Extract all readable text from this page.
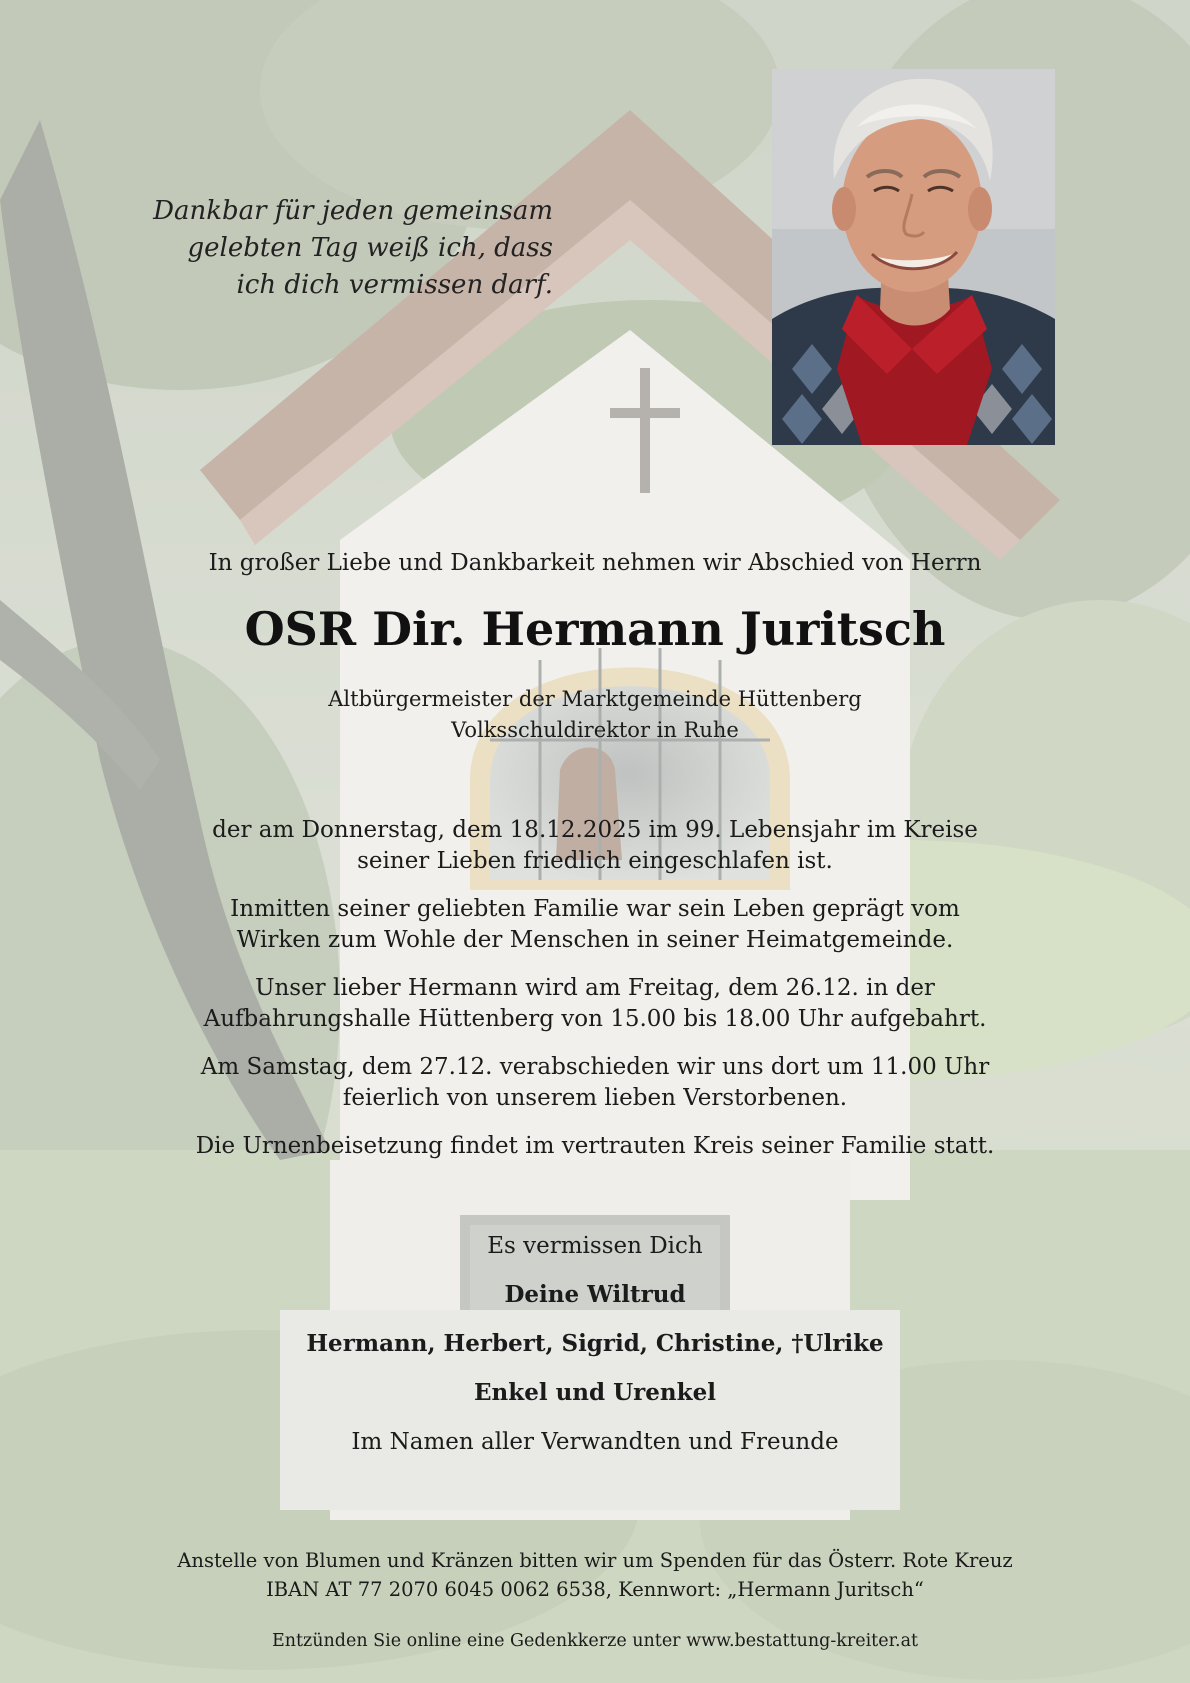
Dankbar für jeden gemeinsam
gelebten Tag weiß ich, dass
ich dich vermissen darf.
In großer Liebe und Dankbarkeit nehmen wir Abschied von Herrn
OSR Dir. Hermann Juritsch
Altbürgermeister der Marktgemeinde Hüttenberg
Volksschuldirektor in Ruhe

der am Donnerstag, dem 18.12.2025 im 99. Lebensjahr im Kreise
seiner Lieben friedlich eingeschlafen ist.

Inmitten seiner geliebten Familie war sein Leben geprägt vom
Wirken zum Wohle der Menschen in seiner Heimatgemeinde.

Unser lieber Hermann wird am Freitag, dem 26.12. in der
Aufbahrungshalle Hüttenberg von 15.00 bis 18.00 Uhr aufgebahrt.

Am Samstag, dem 27.12. verabschieden wir uns dort um 11.00 Uhr
feierlich von unserem lieben Verstorbenen.

Die Urnenbeisetzung findet im vertrauten Kreis seiner Familie statt.

Es vermissen Dich
Deine Wiltrud
Hermann, Herbert, Sigrid, Christine, †Ulrike
Enkel und Urenkel
Im Namen aller Verwandten und Freunde
Anstelle von Blumen und Kränzen bitten wir um Spenden für das Österr. Rote Kreuz
IBAN AT 77 2070 6045 0062 6538, Kennwort: „Hermann Juritsch“
Entzünden Sie online eine Gedenkkerze unter www.bestattung-kreiter.at
